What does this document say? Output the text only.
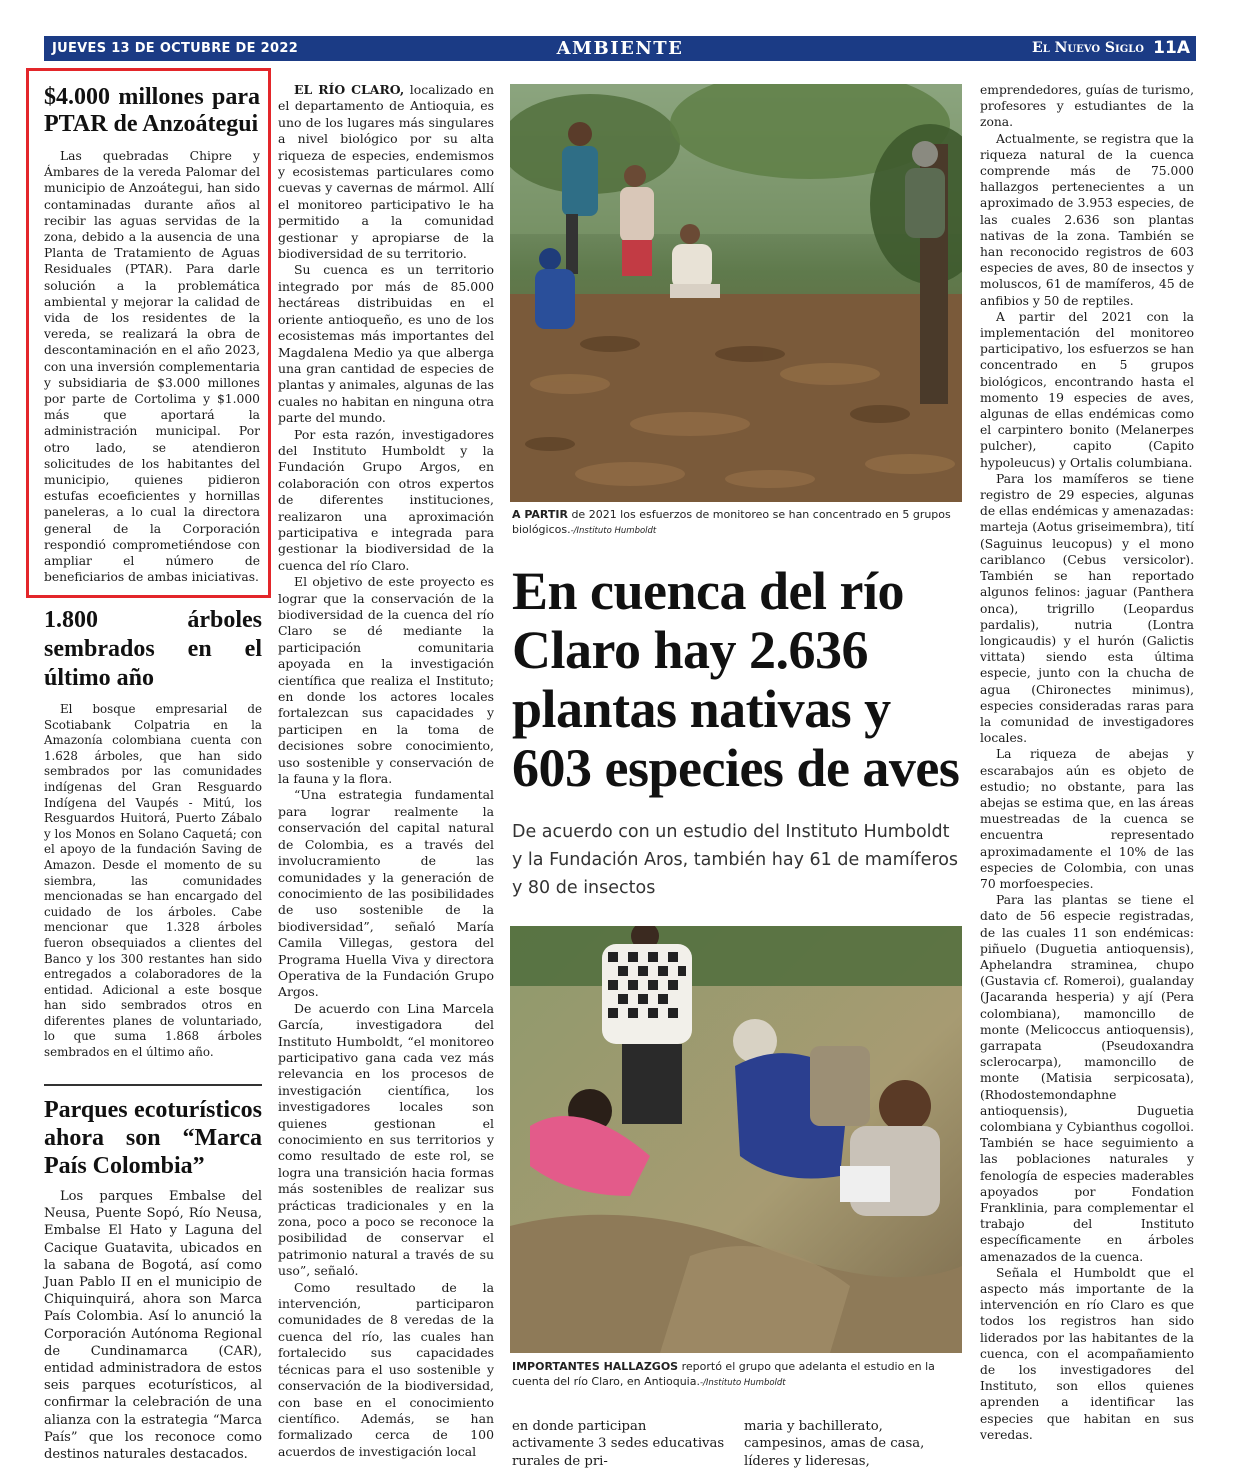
JUEVES 13 DE OCTUBRE DE 2022	AMBIENTE	El Nuevo Siglo 11A
$4.000 millones para PTAR de Anzoátegui

Las quebradas Chipre y Ámbares de la vereda Palomar del municipio de Anzoátegui, han sido contaminadas durante años al recibir las aguas servidas de la zona, debido a la ausencia de una Planta de Tratamiento de Aguas Residuales (PTAR). Para darle solución a la problemática ambiental y mejorar la calidad de vida de los residentes de la vereda, se realizará la obra de descontaminación en el año 2023, con una inversión complementaria y subsidiaria de $3.000 millones por parte de Cortolima y $1.000 más que aportará la administración municipal. Por otro lado, se atendieron solicitudes de los habitantes del municipio, quienes pidieron estufas ecoeficientes y hornillas paneleras, a lo cual la directora general de la Corporación respondió comprometiéndose con ampliar el número de beneficiarios de ambas iniciativas.

1.800 árboles sembrados en el último año

El bosque empresarial de Scotiabank Colpatria en la Amazonía colombiana cuenta con 1.628 árboles, que han sido sembrados por las comunidades indígenas del Gran Resguardo Indígena del Vaupés - Mitú, los Resguardos Huitorá, Puerto Zábalo y los Monos en Solano Caquetá; con el apoyo de la fundación Saving de Amazon. Desde el momento de su siembra, las comunidades mencionadas se han encargado del cuidado de los árboles. Cabe mencionar que 1.328 árboles fueron obsequiados a clientes del Banco y los 300 restantes han sido entregados a colaboradores de la entidad. Adicional a este bosque han sido sembrados otros en diferentes planes de voluntariado, lo que suma 1.868 árboles sembrados en el último año.

Parques ecoturísticos ahora son “Marca País Colombia”

Los parques Embalse del Neusa, Puente Sopó, Río Neusa, Embalse El Hato y Laguna del Cacique Guatavita, ubicados en la sabana de Bogotá, así como Juan Pablo II en el municipio de Chiquinquirá, ahora son Marca País Colombia. Así lo anunció la Corporación Autónoma Regional de Cundinamarca (CAR), entidad administradora de estos seis parques ecoturísticos, al confirmar la celebración de una alianza con la estrategia “Marca País” que los reconoce como destinos naturales destacados.

EL RÍO CLARO, localizado en el departamento de Antioquia, es uno de los lugares más singulares a nivel biológico por su alta riqueza de especies, endemismos y ecosistemas particulares como cuevas y cavernas de mármol. Allí el monitoreo participativo le ha permitido a la comunidad gestionar y apropiarse de la biodiversidad de su territorio.

Su cuenca es un territorio integrado por más de 85.000 hectáreas distribuidas en el oriente antioqueño, es uno de los ecosistemas más importantes del Magdalena Medio ya que alberga una gran cantidad de especies de plantas y animales, algunas de las cuales no habitan en ninguna otra parte del mundo.

Por esta razón, investigadores del Instituto Humboldt y la Fundación Grupo Argos, en colaboración con otros expertos de diferentes instituciones, realizaron una aproximación participativa e integrada para gestionar la biodiversidad de la cuenca del río Claro.

El objetivo de este proyecto es lograr que la conservación de la biodiversidad de la cuenca del río Claro se dé mediante la participación comunitaria apoyada en la investigación científica que realiza el Instituto; en donde los actores locales fortalezcan sus capacidades y participen en la toma de decisiones sobre conocimiento, uso sostenible y conservación de la fauna y la flora.

“Una estrategia fundamental para lograr realmente la conservación del capital natural de Colombia, es a través del involucramiento de las comunidades y la generación de conocimiento de las posibilidades de uso sostenible de la biodiversidad”, señaló María Camila Villegas, gestora del Programa Huella Viva y directora Operativa de la Fundación Grupo Argos.

De acuerdo con Lina Marcela García, investigadora del Instituto Humboldt, “el monitoreo participativo gana cada vez más relevancia en los procesos de investigación científica, los investigadores locales son quienes gestionan el conocimiento en sus territorios y como resultado de este rol, se logra una transición hacia formas más sostenibles de realizar sus prácticas tradicionales y en la zona, poco a poco se reconoce la posibilidad de conservar el patrimonio natural a través de su uso”, señaló.

Como resultado de la intervención, participaron comunidades de 8 veredas de la cuenca del río, las cuales han fortalecido sus capacidades técnicas para el uso sostenible y conservación de la biodiversidad, con base en el conocimiento científico. Además, se han formalizado cerca de 100 acuerdos de investigación local

A PARTIR de 2021 los esfuerzos de monitoreo se han concentrado en 5 grupos biológicos.-/Instituto Humboldt
En cuenca del río Claro hay 2.636 plantas nativas y 603 especies de aves
De acuerdo con un estudio del Instituto Humboldt y la Fundación Aros, también hay 61 de mamíferos y 80 de insectos
IMPORTANTES HALLAZGOS reportó el grupo que adelanta el estudio en la cuenta del río Claro, en Antioquia.-/Instituto Humboldt

en donde participan activamente 3 sedes educativas rurales de pri-

maria y bachillerato, campesinos, amas de casa, líderes y lideresas,

emprendedores, guías de turismo, profesores y estudiantes de la zona.

Actualmente, se registra que la riqueza natural de la cuenca comprende más de 75.000 hallazgos pertenecientes a un aproximado de 3.953 especies, de las cuales 2.636 son plantas nativas de la zona. También se han reconocido registros de 603 especies de aves, 80 de insectos y moluscos, 61 de mamíferos, 45 de anfibios y 50 de reptiles.

A partir del 2021 con la implementación del monitoreo participativo, los esfuerzos se han concentrado en 5 grupos biológicos, encontrando hasta el momento 19 especies de aves, algunas de ellas endémicas como el carpintero bonito (Melanerpes pulcher), capito (Capito hypoleucus) y Ortalis columbiana.

Para los mamíferos se tiene registro de 29 especies, algunas de ellas endémicas y amenazadas: marteja (Aotus griseimembra), tití (Saguinus leucopus) y el mono cariblanco (Cebus versicolor). También se han reportado algunos felinos: jaguar (Panthera onca), trigrillo (Leopardus pardalis), nutria (Lontra longicaudis) y el hurón (Galictis vittata) siendo esta última especie, junto con la chucha de agua (Chironectes minimus), especies consideradas raras para la comunidad de investigadores locales.

La riqueza de abejas y escarabajos aún es objeto de estudio; no obstante, para las abejas se estima que, en las áreas muestreadas de la cuenca se encuentra representado aproximadamente el 10% de las especies de Colombia, con unas 70 morfoespecies.

Para las plantas se tiene el dato de 56 especie registradas, de las cuales 11 son endémicas: piñuelo (Duguetia antioquensis), Aphelandra straminea, chupo (Gustavia cf. Romeroi), gualanday (Jacaranda hesperia) y ají (Pera colombiana), mamoncillo de monte (Melicoccus antioquensis), garrapata (Pseudoxandra sclerocarpa), mamoncillo de monte (Matisia serpicosata), (Rhodostemondaphne antioquensis), Duguetia colombiana y Cybianthus cogolloi. También se hace seguimiento a las poblaciones naturales y fenología de especies maderables apoyados por Fondation Franklinia, para complementar el trabajo del Instituto específicamente en árboles amenazados de la cuenca.

Señala el Humboldt que el aspecto más importante de la intervención en río Claro es que todos los registros han sido liderados por las habitantes de la cuenca, con el acompañamiento de los investigadores del Instituto, son ellos quienes aprenden a identificar las especies que habitan en sus veredas.
